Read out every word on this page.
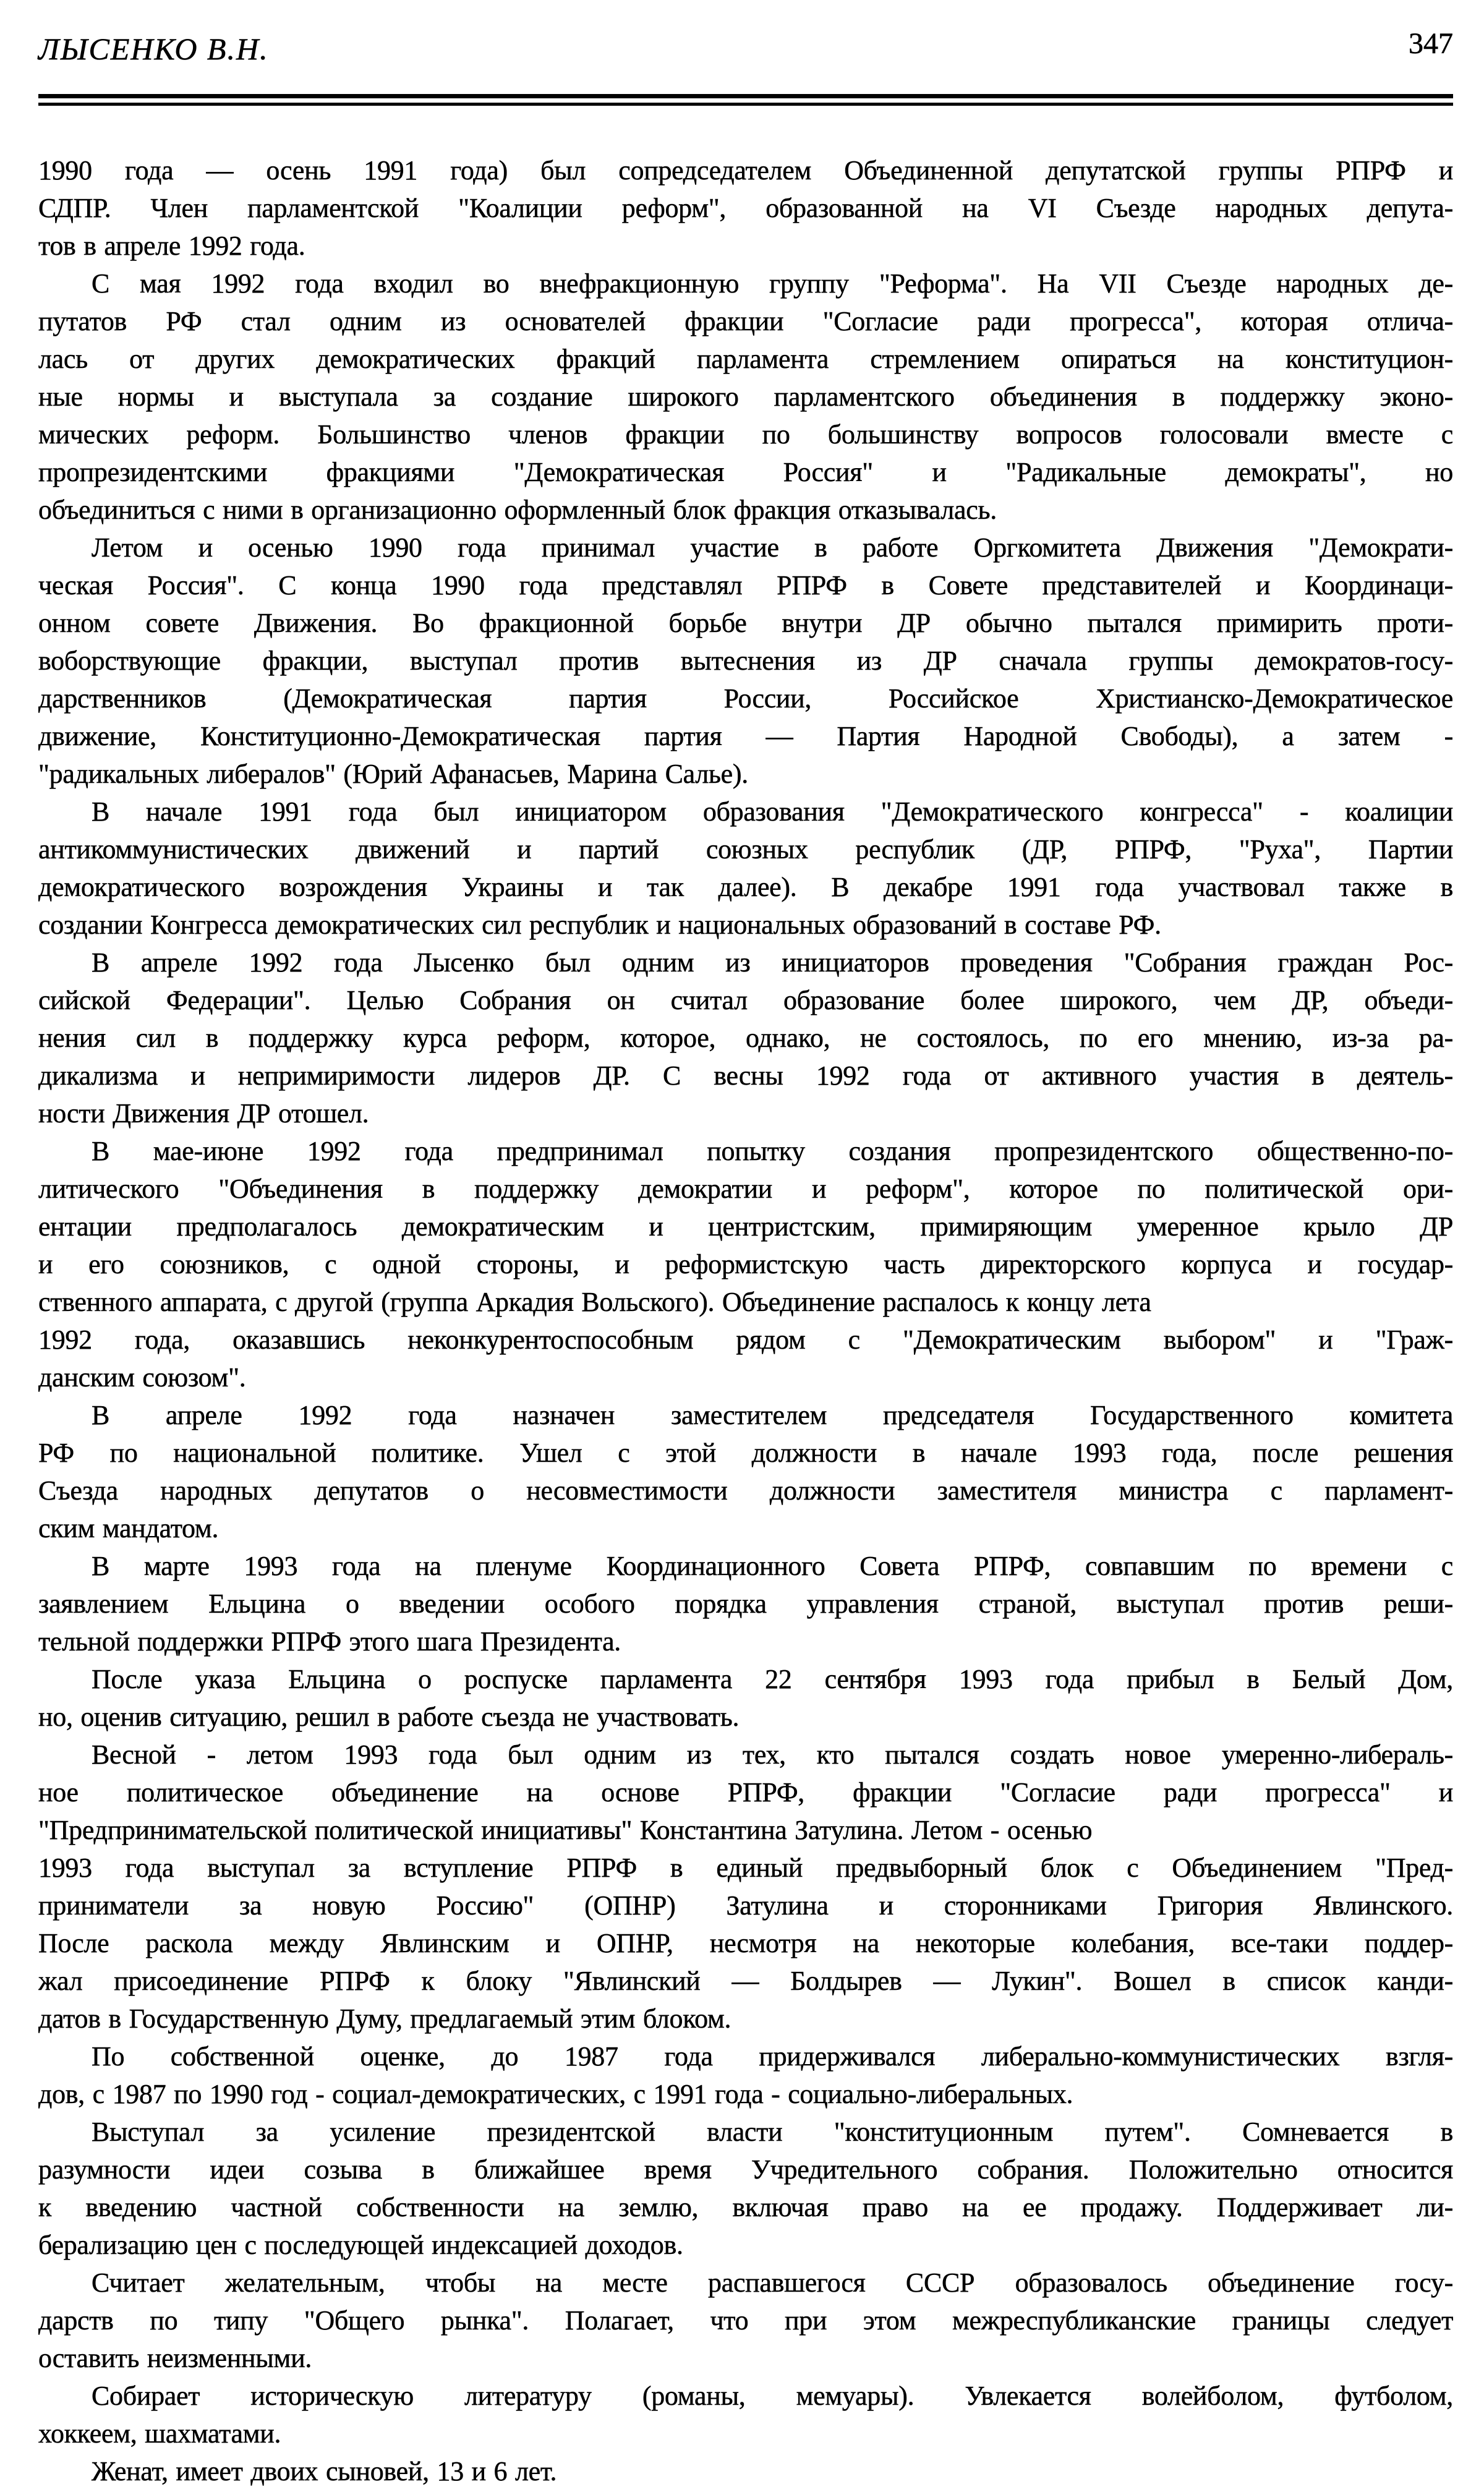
ЛЫСЕНКО В.Н.	347
1990 года — осень 1991 года) был сопредседателем Объединенной депутатской группы РПРФ и
СДПР. Член парламентской "Коалиции реформ", образованной на VI Съезде народных депута-
тов в апреле 1992 года.
С мая 1992 года входил во внефракционную группу "Реформа". На VII Съезде народных де-
путатов РФ стал одним из основателей фракции "Согласие ради прогресса", которая отлича-
лась от других демократических фракций парламента стремлением опираться на конституцион-
ные нормы и выступала за создание широкого парламентского объединения в поддержку эконо-
мических реформ. Большинство членов фракции по большинству вопросов голосовали вместе с
пропрезидентскими фракциями "Демократическая Россия" и "Радикальные демократы", но
объединиться с ними в организационно оформленный блок фракция отказывалась.
Летом и осенью 1990 года принимал участие в работе Оргкомитета Движения "Демократи-
ческая Россия". С конца 1990 года представлял РПРФ в Совете представителей и Координаци-
онном совете Движения. Во фракционной борьбе внутри ДР обычно пытался примирить проти-
воборствующие фракции, выступал против вытеснения из ДР сначала группы демократов-госу-
дарственников (Демократическая партия России, Российское Христианско-Демократическое
движение, Конституционно-Демократическая партия — Партия Народной Свободы), а затем -
"радикальных либералов" (Юрий Афанасьев, Марина Салье).
В начале 1991 года был инициатором образования "Демократического конгресса" - коалиции
антикоммунистических движений и партий союзных республик (ДР, РПРФ, "Руха", Партии
демократического возрождения Украины и так далее). В декабре 1991 года участвовал также в
создании Конгресса демократических сил республик и национальных образований в составе РФ.
В апреле 1992 года Лысенко был одним из инициаторов проведения "Собрания граждан Рос-
сийской Федерации". Целью Собрания он считал образование более широкого, чем ДР, объеди-
нения сил в поддержку курса реформ, которое, однако, не состоялось, по его мнению, из-за ра-
дикализма и непримиримости лидеров ДР. С весны 1992 года от активного участия в деятель-
ности Движения ДР отошел.
В мае-июне 1992 года предпринимал попытку создания пропрезидентского общественно-по-
литического "Объединения в поддержку демократии и реформ", которое по политической ори-
ентации предполагалось демократическим и центристским, примиряющим умеренное крыло ДР
и его союзников, с одной стороны, и реформистскую часть директорского корпуса и государ-
ственного аппарата, с другой (группа Аркадия Вольского). Объединение распалось к концу лета
1992 года, оказавшись неконкурентоспособным рядом с "Демократическим выбором" и "Граж-
данским союзом".
В апреле 1992 года назначен заместителем председателя Государственного комитета
РФ по национальной политике. Ушел с этой должности в начале 1993 года, после решения
Съезда народных депутатов о несовместимости должности заместителя министра с парламент-
ским мандатом.
В марте 1993 года на пленуме Координационного Совета РПРФ, совпавшим по времени с
заявлением Ельцина о введении особого порядка управления страной, выступал против реши-
тельной поддержки РПРФ этого шага Президента.
После указа Ельцина о роспуске парламента 22 сентября 1993 года прибыл в Белый Дом,
но, оценив ситуацию, решил в работе съезда не участвовать.
Весной - летом 1993 года был одним из тех, кто пытался создать новое умеренно-либераль-
ное политическое объединение на основе РПРФ, фракции "Согласие ради прогресса" и
"Предпринимательской политической инициативы" Константина Затулина. Летом - осенью
1993 года выступал за вступление РПРФ в единый предвыборный блок с Объединением "Пред-
приниматели за новую Россию" (ОПНР) Затулина и сторонниками Григория Явлинского.
После раскола между Явлинским и ОПНР, несмотря на некоторые колебания, все-таки поддер-
жал присоединение РПРФ к блоку "Явлинский — Болдырев — Лукин". Вошел в список канди-
датов в Государственную Думу, предлагаемый этим блоком.
По собственной оценке, до 1987 года придерживался либерально-коммунистических взгля-
дов, с 1987 по 1990 год - социал-демократических, с 1991 года - социально-либеральных.
Выступал за усиление президентской власти "конституционным путем". Сомневается в
разумности идеи созыва в ближайшее время Учредительного собрания. Положительно относится
к введению частной собственности на землю, включая право на ее продажу. Поддерживает ли-
берализацию цен с последующей индексацией доходов.
Считает желательным, чтобы на месте распавшегося СССР образовалось объединение госу-
дарств по типу "Общего рынка". Полагает, что при этом межреспубликанские границы следует
оставить неизменными.
Собирает историческую литературу (романы, мемуары). Увлекается волейболом, футболом,
хоккеем, шахматами.
Женат, имеет двоих сыновей, 13 и 6 лет.
